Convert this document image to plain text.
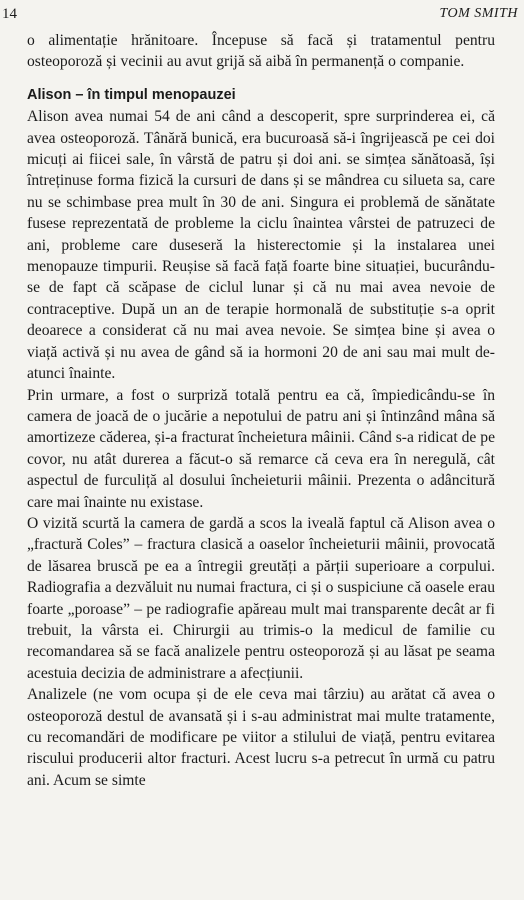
14	TOM SMITH

o alimentație hrănitoare. Începuse să facă și tratamentul pentru osteoporoză și vecinii au avut grijă să aibă în permanență o companie.

Alison – în timpul menopauzei

Alison avea numai 54 de ani când a descoperit, spre surprinderea ei, că avea osteoporoză. Tânără bunică, era bucuroasă să-i îngrijească pe cei doi micuți ai fiicei sale, în vârstă de patru și doi ani. se simțea sănătoasă, își întreținuse forma fizică la cursuri de dans și se mândrea cu silueta sa, care nu se schimbase prea mult în 30 de ani. Singura ei problemă de sănătate fusese reprezentată de probleme la ciclu înaintea vârstei de patruzeci de ani, probleme care duseseră la histerectomie și la instalarea unei menopauze timpurii. Reușise să facă față foarte bine situației, bucurându-se de fapt că scăpase de ciclul lunar și că nu mai avea nevoie de contraceptive. După un an de terapie hormonală de substituție s-a oprit deoarece a considerat că nu mai avea nevoie. Se simțea bine și avea o viață activă și nu avea de gând să ia hormoni 20 de ani sau mai mult de-atunci înainte.

Prin urmare, a fost o surpriză totală pentru ea că, împiedicându-se în camera de joacă de o jucărie a nepotului de patru ani și întinzând mâna să amortizeze căderea, și-a fracturat încheietura mâinii. Când s-a ridicat de pe covor, nu atât durerea a făcut-o să remarce că ceva era în neregulă, cât aspectul de furculiță al dosului încheieturii mâinii. Prezenta o adâncitură care mai înainte nu existase.

O vizită scurtă la camera de gardă a scos la iveală faptul că Alison avea o „fractură Coles” – fractura clasică a oaselor încheieturii mâinii, provocată de lăsarea bruscă pe ea a întregii greutăți a părții superioare a corpului. Radiografia a dezvăluit nu numai fractura, ci și o suspiciune că oasele erau foarte „poroase” – pe radiografie apăreau mult mai transparente decât ar fi trebuit, la vârsta ei. Chirurgii au trimis-o la medicul de familie cu recomandarea să se facă analizele pentru osteoporoză și au lăsat pe seama acestuia decizia de administrare a afecțiunii.

Analizele (ne vom ocupa și de ele ceva mai târziu) au arătat că avea o osteoporoză destul de avansată și i s-au administrat mai multe tratamente, cu recomandări de modificare pe viitor a stilului de viață, pentru evitarea riscului producerii altor fracturi. Acest lucru s-a petrecut în urmă cu patru ani. Acum se simte
